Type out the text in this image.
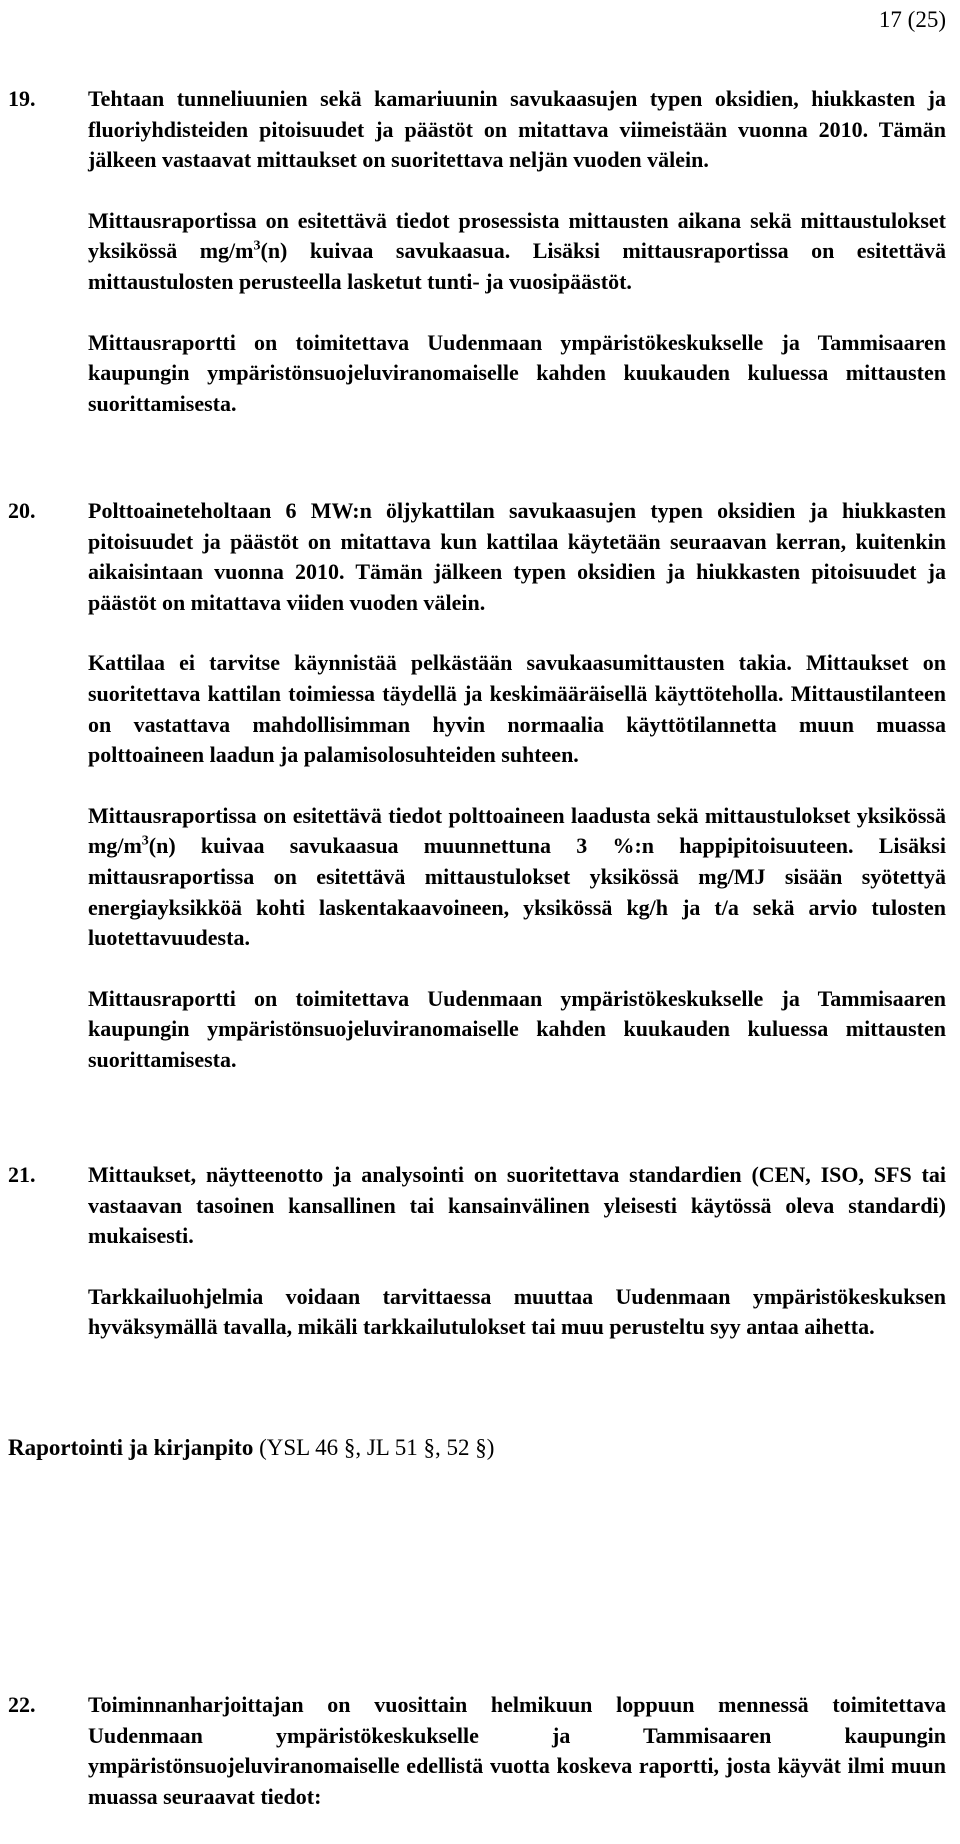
17 (25)
19. Tehtaan tunneliuunien sekä kamariuunin savukaasujen typen oksidien, hiukkasten ja fluoriyhdisteiden pitoisuudet ja päästöt on mitattava viimeistään vuonna 2010. Tämän jälkeen vastaavat mittaukset on suoritettava neljän vuoden välein.

Mittausraportissa on esitettävä tiedot prosessista mittausten aikana sekä mittaustulokset yksikössä $mg/m^3(n)$ kuivaa savukaasua. Lisäksi mittausraportissa on esitettävä mittaustulosten perusteella lasketut tunti- ja vuosipäästöt.

Mittausraportti on toimitettava Uudenmaan ympäristökeskukselle ja Tammisaaren kaupungin ympäristönsuojeluviranomaiselle kahden kuukauden kuluessa mittausten suorittamisesta.

20. Polttoaineteholtaan 6 MW:n öljykattilan savukaasujen typen oksidien ja hiukkasten pitoisuudet ja päästöt on mitattava kun kattilaa käytetään seuraavan kerran, kuitenkin aikaisintaan vuonna 2010. Tämän jälkeen typen oksidien ja hiukkasten pitoisuudet ja päästöt on mitattava viiden vuoden välein.

Kattilaa ei tarvitse käynnistää pelkästään savukaasumittausten takia. Mittaukset on suoritettava kattilan toimiessa täydellä ja keskimääräisellä käyttöteholla. Mittaustilanteen on vastattava mahdollisimman hyvin normaalia käyttötilannetta muun muassa polttoaineen laadun ja palamisolosuhteiden suhteen.

Mittausraportissa on esitettävä tiedot polttoaineen laadusta sekä mittaustulokset yksikössä $mg/m^3(n)$ kuivaa savukaasua muunnettuna 3 %:n happipitoisuuteen. Lisäksi mittausraportissa on esitettävä mittaustulokset yksikössä mg/MJ sisään syötettyä energiayksikköä kohti laskentakaavoineen, yksikössä kg/h ja t/a sekä arvio tulosten luotettavuudesta.

Mittausraportti on toimitettava Uudenmaan ympäristökeskukselle ja Tammisaaren kaupungin ympäristönsuojeluviranomaiselle kahden kuukauden kuluessa mittausten suorittamisesta.

21. Mittaukset, näytteenotto ja analysointi on suoritettava standardien (CEN, ISO, SFS tai vastaavan tasoinen kansallinen tai kansainvälinen yleisesti käytössä oleva standardi) mukaisesti.

Tarkkailuohjelmia voidaan tarvittaessa muuttaa Uudenmaan ympäristökeskuksen hyväksymällä tavalla, mikäli tarkkailutulokset tai muu perusteltu syy antaa aihetta.

Raportointi ja kirjanpito (YSL 46 §, JL 51 §, 52 §)
22. Toiminnanharjoittajan on vuosittain helmikuun loppuun mennessä toimitettava Uudenmaan ympäristökeskukselle ja Tammisaaren kaupungin ympäristönsuojeluviranomaiselle edellistä vuotta koskeva raportti, josta käyvät ilmi muun muassa seuraavat tiedot:
